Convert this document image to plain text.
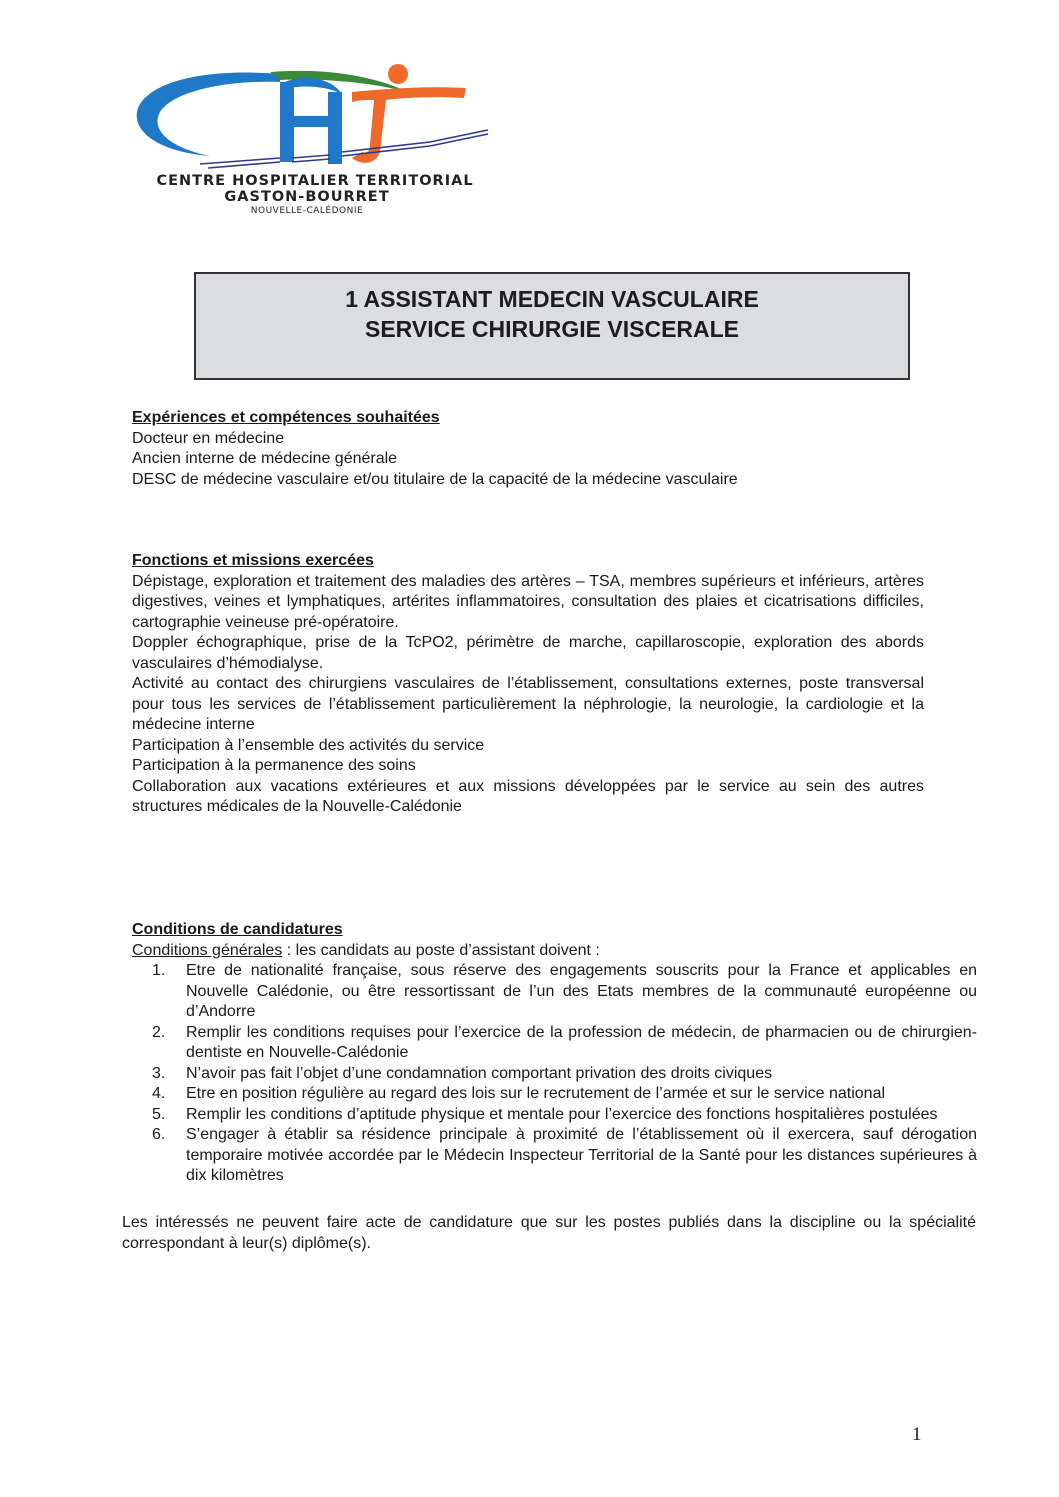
CENTRE HOSPITALIER TERRITORIAL
GASTON-BOURRET
NOUVELLE-CALÉDONIE
1 ASSISTANT MEDECIN VASCULAIRE
SERVICE CHIRURGIE VISCERALE
Expériences et compétences souhaitées
Docteur en médecine
Ancien interne de médecine générale
DESC de médecine vasculaire et/ou titulaire de la capacité de la médecine vasculaire
Fonctions et missions exercées
Dépistage, exploration et traitement des maladies des artères – TSA, membres supérieurs et inférieurs, artères digestives, veines et lymphatiques, artérites inflammatoires, consultation des plaies et cicatrisations difficiles, cartographie veineuse pré-opératoire.
Doppler échographique, prise de la TcPO2, périmètre de marche, capillaroscopie, exploration des abords vasculaires d’hémodialyse.
Activité au contact des chirurgiens vasculaires de l’établissement, consultations externes, poste transversal pour tous les services de l’établissement particulièrement la néphrologie, la neurologie, la cardiologie et la médecine interne
Participation à l’ensemble des activités du service
Participation à la permanence des soins
Collaboration aux vacations extérieures et aux missions développées par le service au sein des autres structures médicales de la Nouvelle-Calédonie
Conditions de candidatures
Conditions générales : les candidats au poste d’assistant doivent :
1. Etre de nationalité française, sous réserve des engagements souscrits pour la France et applicables en Nouvelle Calédonie, ou être ressortissant de l’un des Etats membres de la communauté européenne ou d’Andorre
2. Remplir les conditions requises pour l’exercice de la profession de médecin, de pharmacien ou de chirurgien-dentiste en Nouvelle-Calédonie
3. N’avoir pas fait l’objet d’une condamnation comportant privation des droits civiques
4. Etre en position régulière au regard des lois sur le recrutement de l’armée et sur le service national
5. Remplir les conditions d’aptitude physique et mentale pour l’exercice des fonctions hospitalières postulées
6. S’engager à établir sa résidence principale à proximité de l’établissement où il exercera, sauf dérogation temporaire motivée accordée par le Médecin Inspecteur Territorial de la Santé pour les distances supérieures à dix kilomètres
Les intéressés ne peuvent faire acte de candidature que sur les postes publiés dans la discipline ou la spécialité correspondant à leur(s) diplôme(s).
1
